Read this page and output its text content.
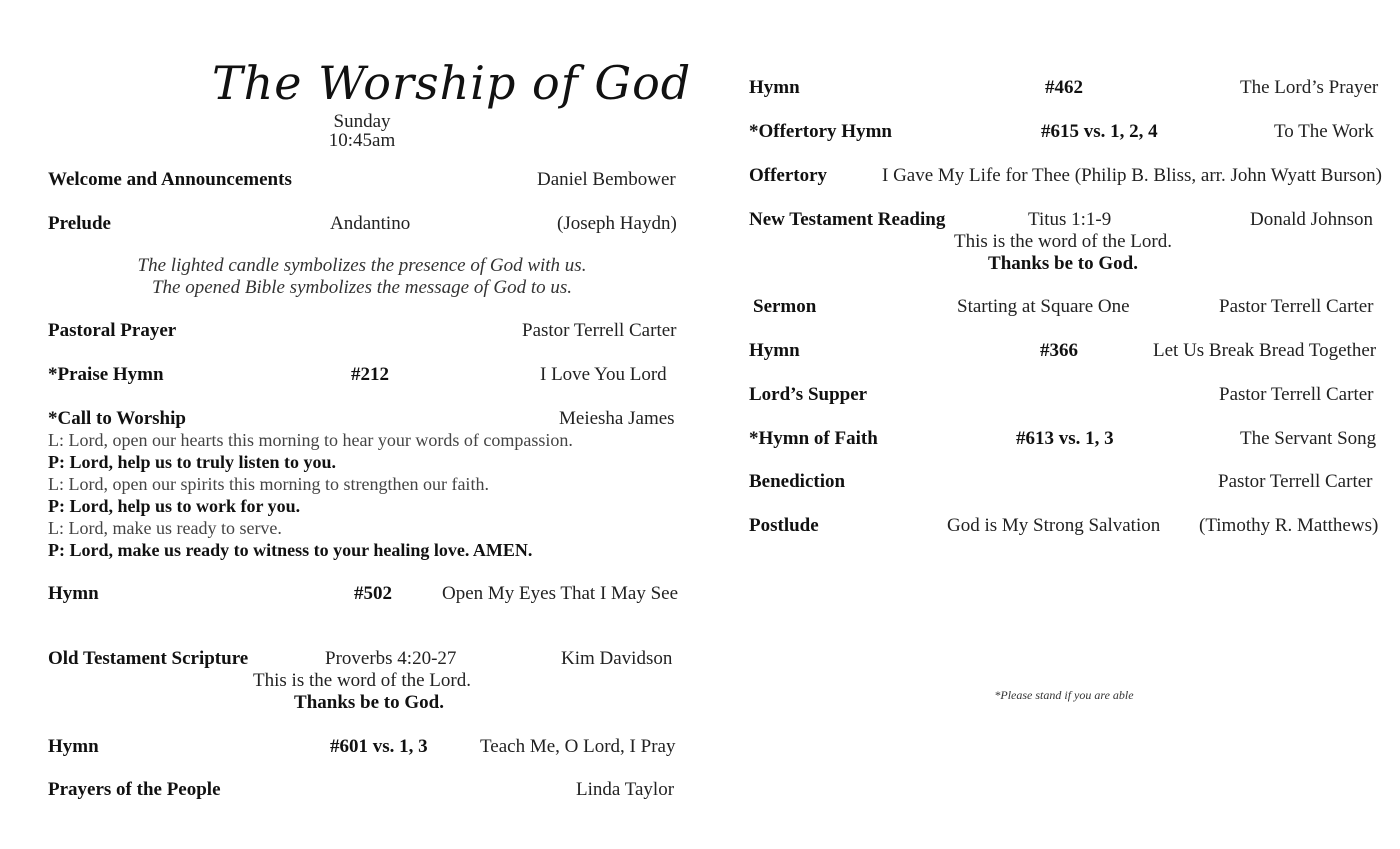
The Worship of God
Sunday
10:45am
Welcome and Announcements	Daniel Bembower
Prelude	Andantino	(Joseph Haydn)
The lighted candle symbolizes the presence of God with us.
The opened Bible symbolizes the message of God to us.
Pastoral Prayer	Pastor Terrell Carter
*Praise Hymn	#212	I Love You Lord
*Call to Worship	Meiesha James
L: Lord, open our hearts this morning to hear your words of compassion.
P: Lord, help us to truly listen to you.
L: Lord, open our spirits this morning to strengthen our faith.
P: Lord, help us to work for you.
L: Lord, make us ready to serve.
P: Lord, make us ready to witness to your healing love. AMEN.
Hymn	#502	Open My Eyes That I May See
Old Testament Scripture	Proverbs 4:20-27	Kim Davidson
This is the word of the Lord.
Thanks be to God.
Hymn	#601 vs. 1, 3	Teach Me, O Lord, I Pray
Prayers of the People	Linda Taylor
Hymn	#462	The Lord’s Prayer
*Offertory Hymn	#615 vs. 1, 2, 4	To The Work
Offertory	I Gave My Life for Thee (Philip B. Bliss, arr. John Wyatt Burson)
New Testament Reading	Titus 1:1-9	Donald Johnson
This is the word of the Lord.
Thanks be to God.
Sermon	Starting at Square One	Pastor Terrell Carter
Hymn	#366	Let Us Break Bread Together
Lord’s Supper	Pastor Terrell Carter
*Hymn of Faith	#613 vs. 1, 3	The Servant Song
Benediction	Pastor Terrell Carter
Postlude	God is My Strong Salvation (Timothy R. Matthews)
*Please stand if you are able
